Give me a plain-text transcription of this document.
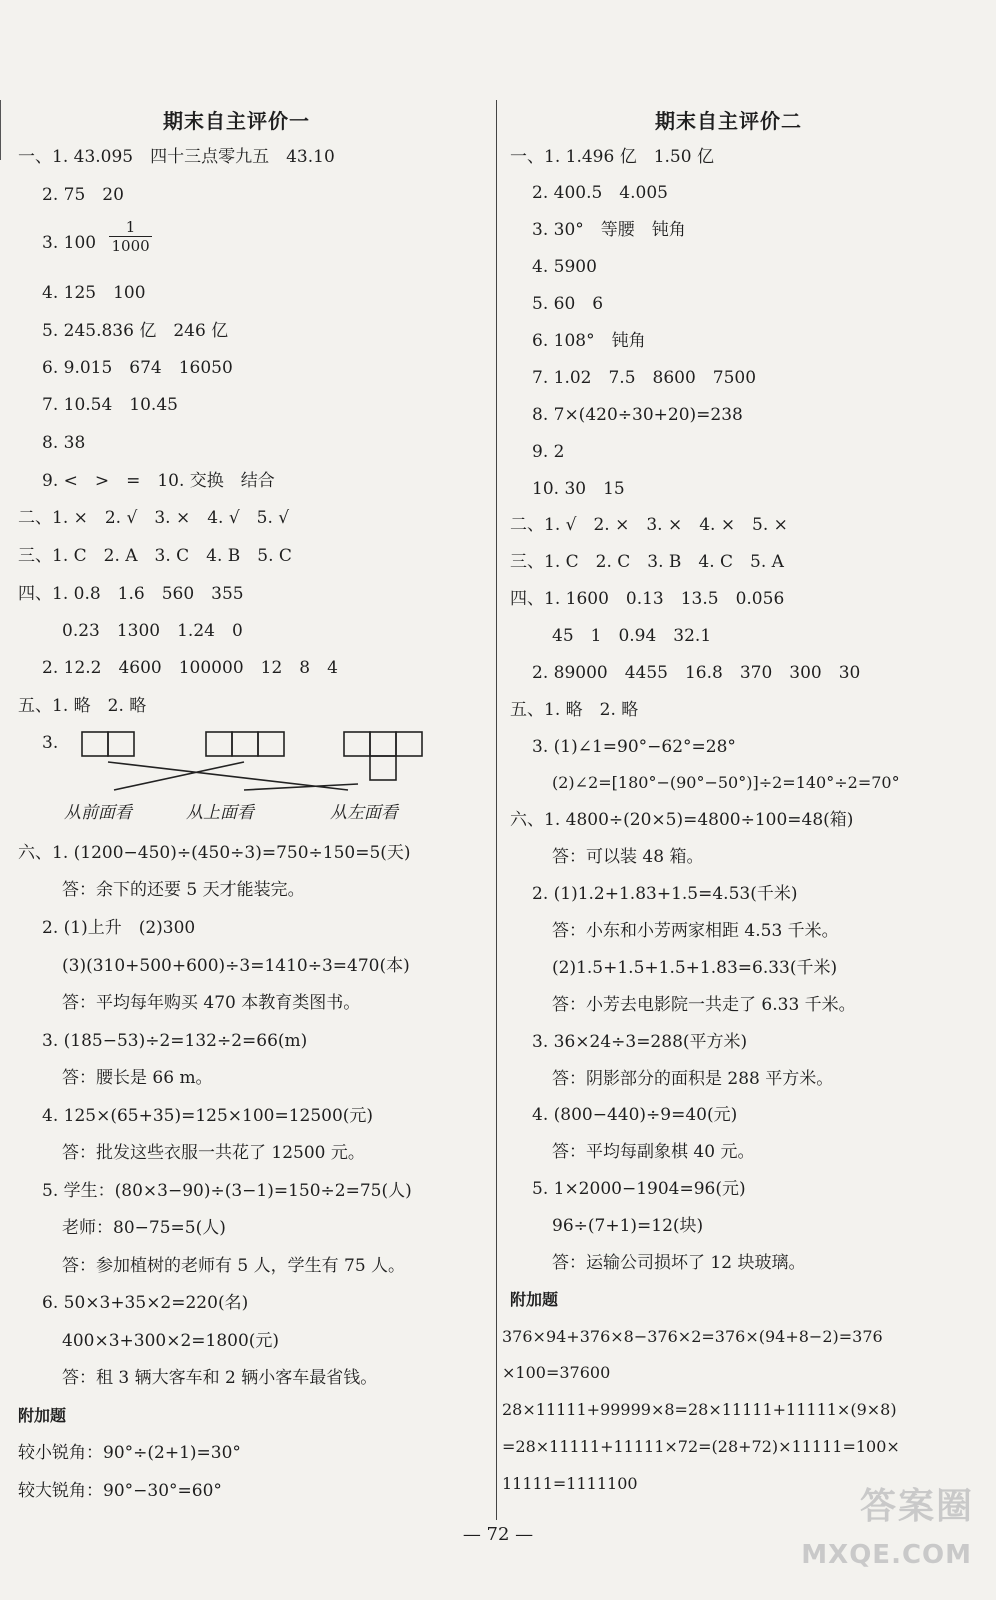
期末自主评价一
一、1. 43.095　四十三点零九五　43.10
2. 75　20
3. $100 \frac{1}{1000}$
4. 125　100
5. 245.836 亿　246 亿
6. 9.015　674　16050
7. 10.54　10.45
8. 38
9. <　>　=　10. 交换　结合
二、1. ×　2. √　3. ×　4. √　5. √
三、1. C　2. A　3. C　4. B　5. C
四、1. 0.8　1.6　560　355
0.23　1300　1.24　0
2. 12.2　4600　100000　12　8　4
五、1. 略　2. 略
3.
从前面看	从上面看	从左面看
六、1. (1200−450)÷(450÷3)=750÷150=5(天)
答：余下的还要 5 天才能装完。
2. (1)上升　(2)300
(3)(310+500+600)÷3=1410÷3=470(本)
答：平均每年购买 470 本教育类图书。
3. (185−53)÷2=132÷2=66(m)
答：腰长是 66 m。
4. 125×(65+35)=125×100=12500(元)
答：批发这些衣服一共花了 12500 元。
5. 学生：(80×3−90)÷(3−1)=150÷2=75(人)
老师：80−75=5(人)
答：参加植树的老师有 5 人，学生有 75 人。
6. 50×3+35×2=220(名)
400×3+300×2=1800(元)
答：租 3 辆大客车和 2 辆小客车最省钱。
附加题
较小锐角：90°÷(2+1)=30°
较大锐角：90°−30°=60°
期末自主评价二
一、1. 1.496 亿　1.50 亿
2. 400.5　4.005
3. 30°　等腰　钝角
4. 5900
5. 60　6
6. 108°　钝角
7. 1.02　7.5　8600　7500
8. 7×(420÷30+20)=238
9. 2
10. 30　15
二、1. √　2. ×　3. ×　4. ×　5. ×
三、1. C　2. C　3. B　4. C　5. A
四、1. 1600　0.13　13.5　0.056
45　1　0.94　32.1
2. 89000　4455　16.8　370　300　30
五、1. 略　2. 略
3. (1)∠1=90°−62°=28°
(2)∠2=[180°−(90°−50°)]÷2=140°÷2=70°
六、1. 4800÷(20×5)=4800÷100=48(箱)
答：可以装 48 箱。
2. (1)1.2+1.83+1.5=4.53(千米)
答：小东和小芳两家相距 4.53 千米。
(2)1.5+1.5+1.5+1.83=6.33(千米)
答：小芳去电影院一共走了 6.33 千米。
3. 36×24÷3=288(平方米)
答：阴影部分的面积是 288 平方米。
4. (800−440)÷9=40(元)
答：平均每副象棋 40 元。
5. 1×2000−1904=96(元)
96÷(7+1)=12(块)
答：运输公司损坏了 12 块玻璃。
附加题
376×94+376×8−376×2=376×(94+8−2)=376
×100=37600
28×11111+99999×8=28×11111+11111×(9×8)
=28×11111+11111×72=(28+72)×11111=100×
11111=1111100
— 72 —
答案圈
MXQE.COM
